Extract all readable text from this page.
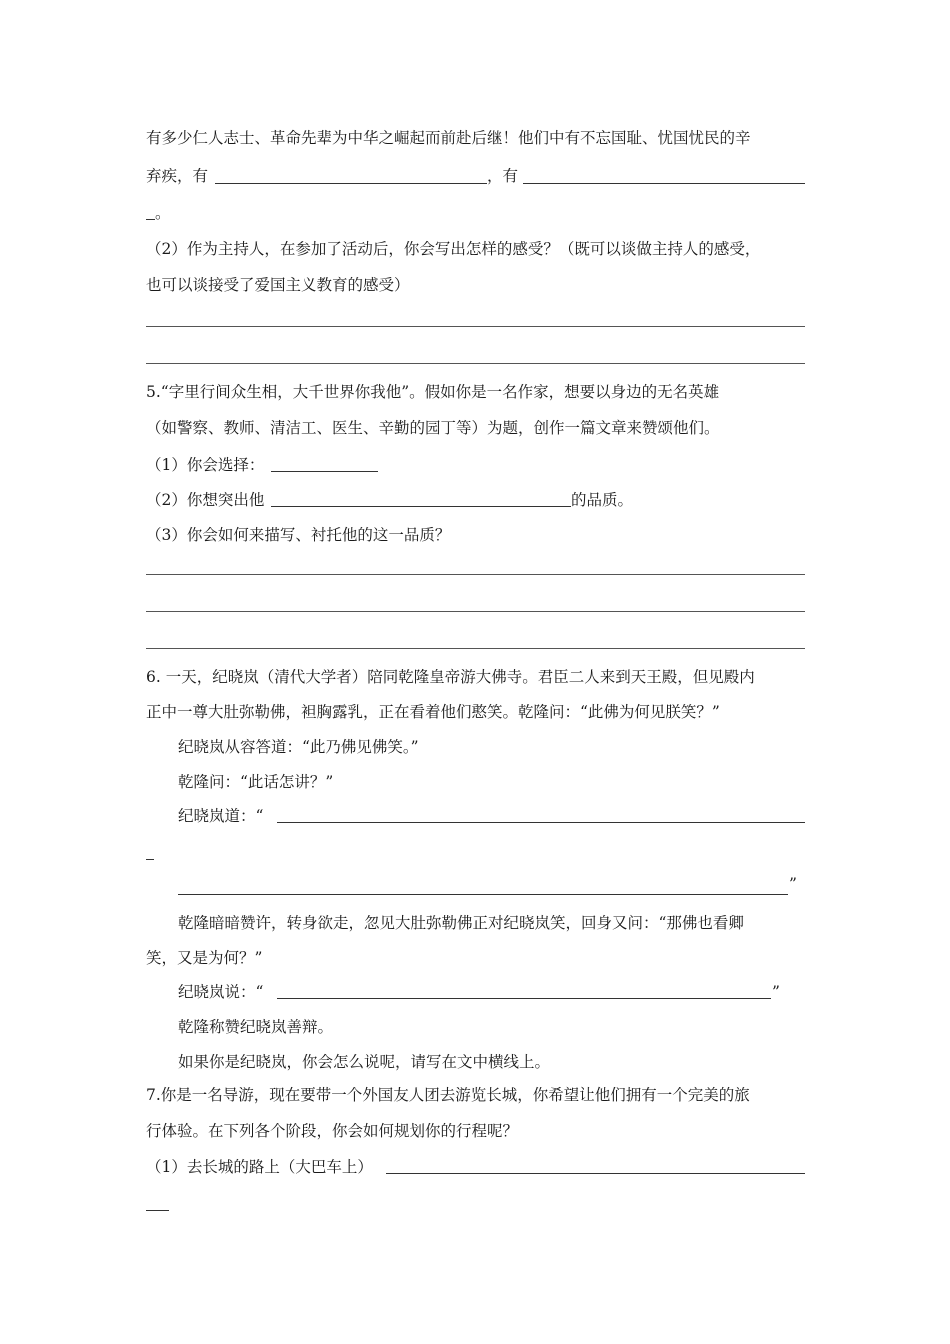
有多少仁人志士、革命先辈为中华之崛起而前赴后继！他们中有不忘国耻、忧国忧民的辛
弃疾，有	，有
。
（2）作为主持人，在参加了活动后，你会写出怎样的感受？（既可以谈做主持人的感受，
也可以谈接受了爱国主义教育的感受）
5.“字里行间众生相，大千世界你我他”。假如你是一名作家，想要以身边的无名英雄
（如警察、教师、清洁工、医生、辛勤的园丁等）为题，创作一篇文章来赞颂他们。
（1）你会选择：
（2）你想突出他	的品质。
（3）你会如何来描写、衬托他的这一品质？
6. 一天，纪晓岚（清代大学者）陪同乾隆皇帝游大佛寺。君臣二人来到天王殿，但见殿内
正中一尊大肚弥勒佛，袒胸露乳，正在看着他们憨笑。乾隆问：“此佛为何见朕笑？”
纪晓岚从容答道：“此乃佛见佛笑。”
乾隆问：“此话怎讲？”
纪晓岚道：“
”
乾隆暗暗赞许，转身欲走，忽见大肚弥勒佛正对纪晓岚笑，回身又问：“那佛也看卿
笑，又是为何？”
纪晓岚说：“	”
乾隆称赞纪晓岚善辩。
如果你是纪晓岚，你会怎么说呢，请写在文中横线上。
7.你是一名导游，现在要带一个外国友人团去游览长城，你希望让他们拥有一个完美的旅
行体验。在下列各个阶段，你会如何规划你的行程呢？
（1）去长城的路上（大巴车上）
